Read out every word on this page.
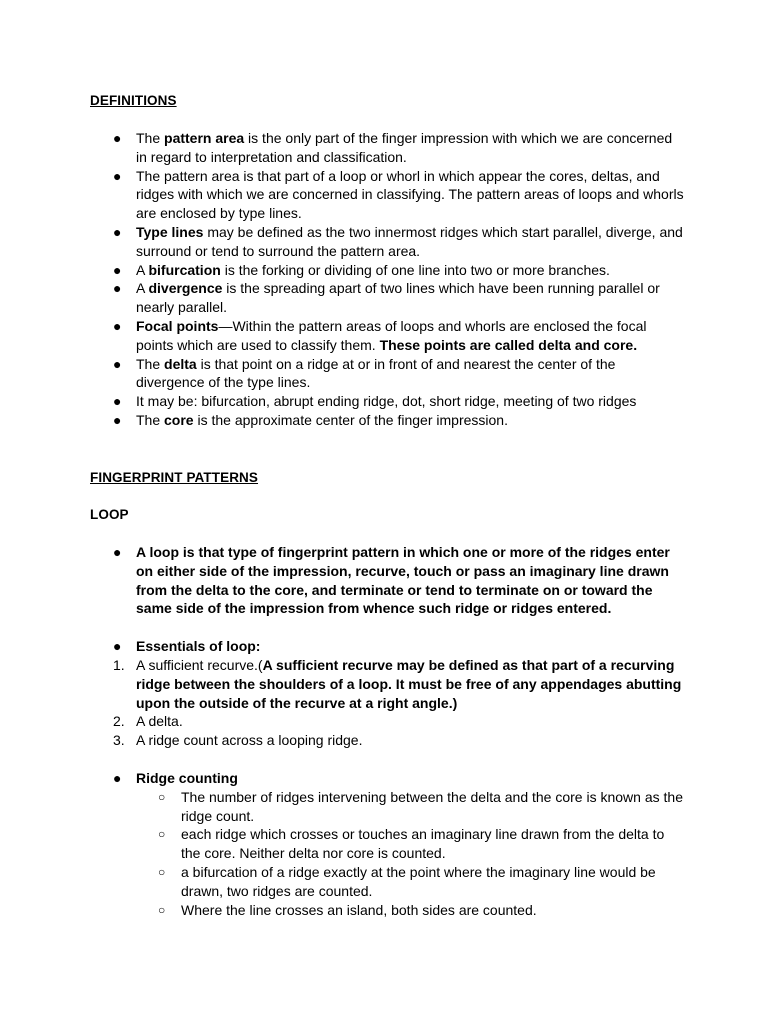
DEFINITIONS
● The pattern area is the only part of the finger impression with which we are concerned in regard to interpretation and classification.
● The pattern area is that part of a loop or whorl in which appear the cores, deltas, and ridges with which we are concerned in classifying. The pattern areas of loops and whorls are enclosed by type lines.
● Type lines may be defined as the two innermost ridges which start parallel, diverge, and surround or tend to surround the pattern area.
● A bifurcation is the forking or dividing of one line into two or more branches.
● A divergence is the spreading apart of two lines which have been running parallel or nearly parallel.
● Focal points—Within the pattern areas of loops and whorls are enclosed the focal points which are used to classify them. These points are called delta and core.
● The delta is that point on a ridge at or in front of and nearest the center of the divergence of the type lines.
● It may be: bifurcation, abrupt ending ridge, dot, short ridge, meeting of two ridges
● The core is the approximate center of the finger impression.
FINGERPRINT PATTERNS
LOOP
● A loop is that type of fingerprint pattern in which one or more of the ridges enter on either side of the impression, recurve, touch or pass an imaginary line drawn from the delta to the core, and terminate or tend to terminate on or toward the same side of the impression from whence such ridge or ridges entered.
● Essentials of loop:
1. A sufficient recurve.(A sufficient recurve may be defined as that part of a recurving ridge between the shoulders of a loop. It must be free of any appendages abutting upon the outside of the recurve at a right angle.)
2. A delta.
3. A ridge count across a looping ridge.
● Ridge counting
○ The number of ridges intervening between the delta and the core is known as the ridge count.
○ each ridge which crosses or touches an imaginary line drawn from the delta to the core. Neither delta nor core is counted.
○ a bifurcation of a ridge exactly at the point where the imaginary line would be drawn, two ridges are counted.
○ Where the line crosses an island, both sides are counted.
